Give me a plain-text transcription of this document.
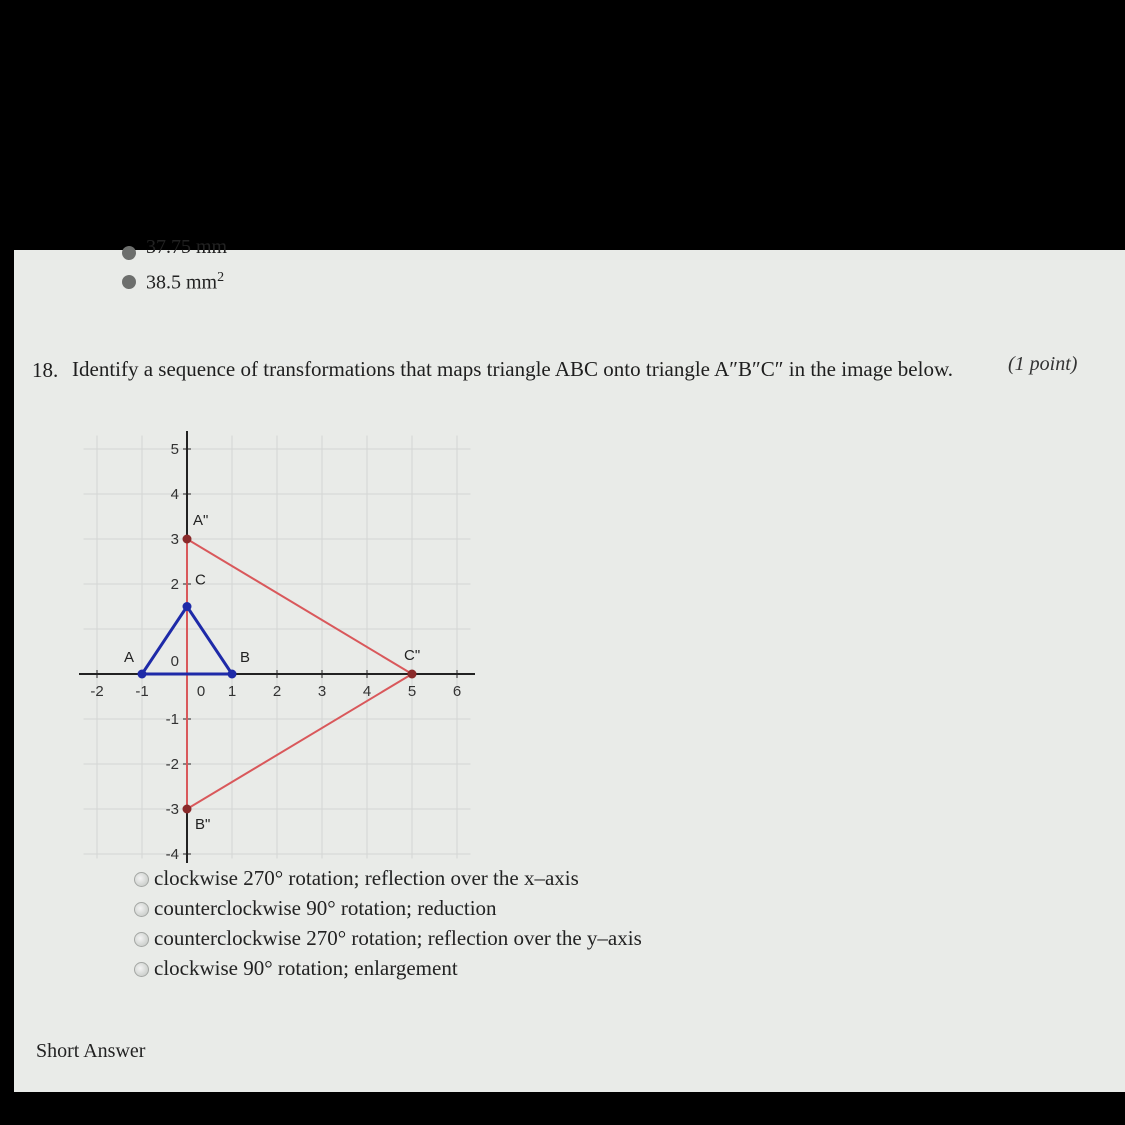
37.75 mm
38.5 $mm^2$
18. Identify a sequence of transformations that maps triangle ABC onto triangle A″B″C″ in the image below.	(1 point)
-2 -1	0 1 2 3 4 5 6
5
4
3
2
-1
-2
-3
-4
0
A"
B"
C"
A	B
C
clockwise 270° rotation; reflection over the x–axis
counterclockwise 90° rotation; reduction
counterclockwise 270° rotation; reflection over the y–axis
clockwise 90° rotation; enlargement
Short Answer
